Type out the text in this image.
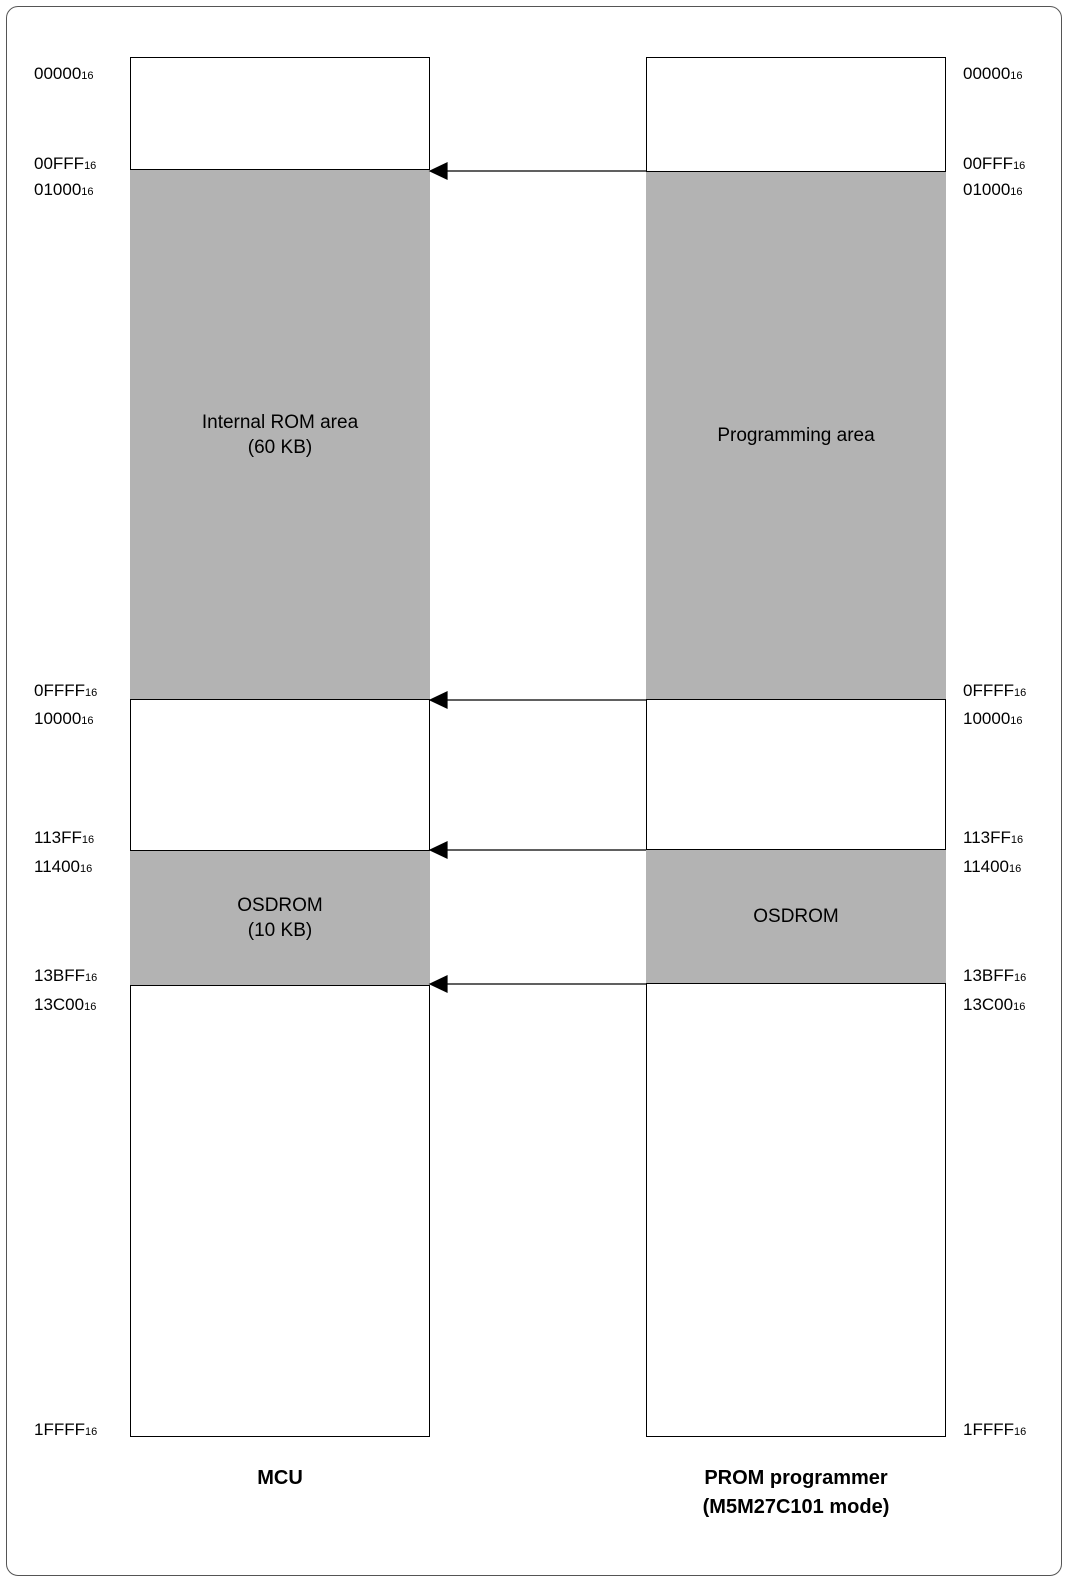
Internal ROM area
(60 KB)
OSDROM
(10 KB)
Programming area
OSDROM
0000016
00FFF16
0100016
0FFFF16
1000016
113FF16
1140016
13BFF16
13C0016
1FFFF16
0000016
00FFF16
0100016
0FFFF16
1000016
113FF16
1140016
13BFF16
13C0016
1FFFF16
MCU	PROM programmer
(M5M27C101 mode)
